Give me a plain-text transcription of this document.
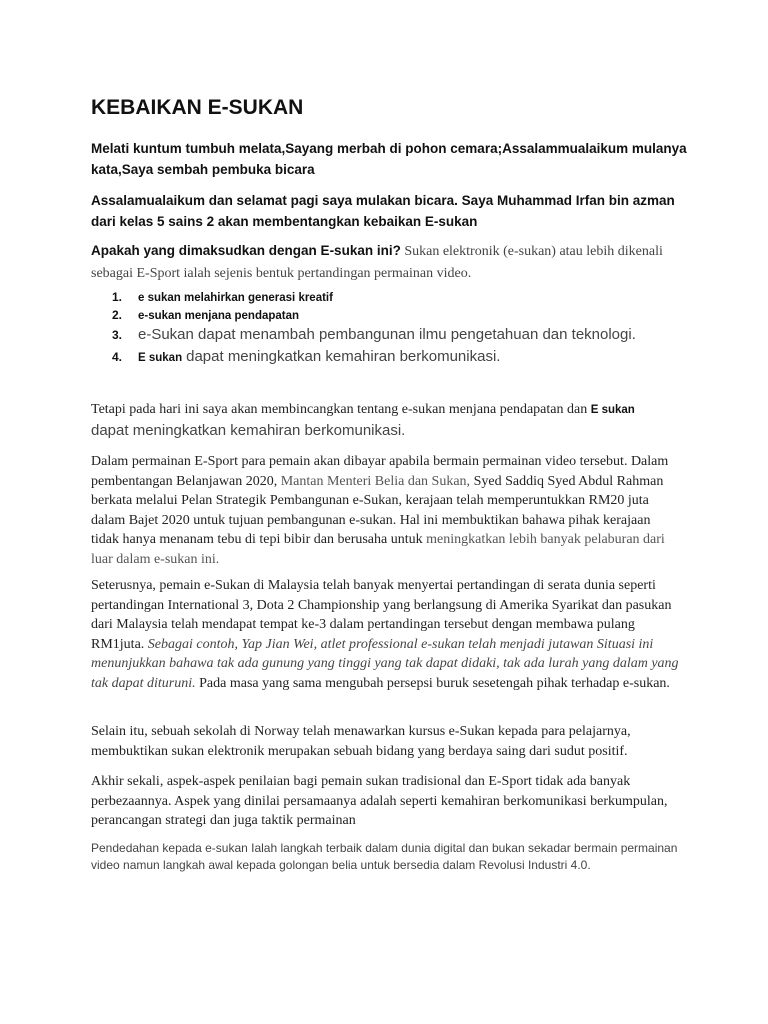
KEBAIKAN E-SUKAN
Melati kuntum tumbuh melata,Sayang merbah di pohon cemara;Assalammualaikum mulanya kata,Saya sembah pembuka bicara
Assalamualaikum dan selamat pagi saya mulakan bicara. Saya Muhammad Irfan bin azman dari kelas 5 sains 2 akan membentangkan kebaikan E-sukan
Apakah yang dimaksudkan dengan E-sukan ini? Sukan elektronik (e-sukan) atau lebih dikenali sebagai E-Sport ialah sejenis bentuk pertandingan permainan video.
1. e sukan melahirkan generasi kreatif
2. e-sukan menjana pendapatan
3. e-Sukan dapat menambah pembangunan ilmu pengetahuan dan teknologi.
4. E sukan dapat meningkatkan kemahiran berkomunikasi.
Tetapi pada hari ini saya akan membincangkan tentang e-sukan menjana pendapatan dan E sukan
dapat meningkatkan kemahiran berkomunikasi.
Dalam permainan E-Sport para pemain akan dibayar apabila bermain permainan video tersebut. Dalam pembentangan Belanjawan 2020, Mantan Menteri Belia dan Sukan, Syed Saddiq Syed Abdul Rahman berkata melalui Pelan Strategik Pembangunan e-Sukan, kerajaan telah memperuntukkan RM20 juta dalam Bajet 2020 untuk tujuan pembangunan e-sukan. Hal ini membuktikan bahawa pihak kerajaan tidak hanya menanam tebu di tepi bibir dan berusaha untuk meningkatkan lebih banyak pelaburan dari luar dalam e-sukan ini.
Seterusnya, pemain e-Sukan di Malaysia telah banyak menyertai pertandingan di serata dunia seperti pertandingan International 3, Dota 2 Championship yang berlangsung di Amerika Syarikat dan pasukan dari Malaysia telah mendapat tempat ke-3 dalam pertandingan tersebut dengan membawa pulang RM1juta. Sebagai contoh, Yap Jian Wei, atlet professional e-sukan telah menjadi jutawan Situasi ini menunjukkan bahawa tak ada gunung yang tinggi yang tak dapat didaki, tak ada lurah yang dalam yang tak dapat dituruni. Pada masa yang sama mengubah persepsi buruk sesetengah pihak terhadap e-sukan.
Selain itu, sebuah sekolah di Norway telah menawarkan kursus e-Sukan kepada para pelajarnya, membuktikan sukan elektronik merupakan sebuah bidang yang berdaya saing dari sudut positif.
Akhir sekali, aspek-aspek penilaian bagi pemain sukan tradisional dan E-Sport tidak ada banyak perbezaannya. Aspek yang dinilai persamaanya adalah seperti kemahiran berkomunikasi berkumpulan, perancangan strategi dan juga taktik permainan
Pendedahan kepada e-sukan Ialah langkah terbaik dalam dunia digital dan bukan sekadar bermain permainan video namun langkah awal kepada golongan belia untuk bersedia dalam Revolusi Industri 4.0.
